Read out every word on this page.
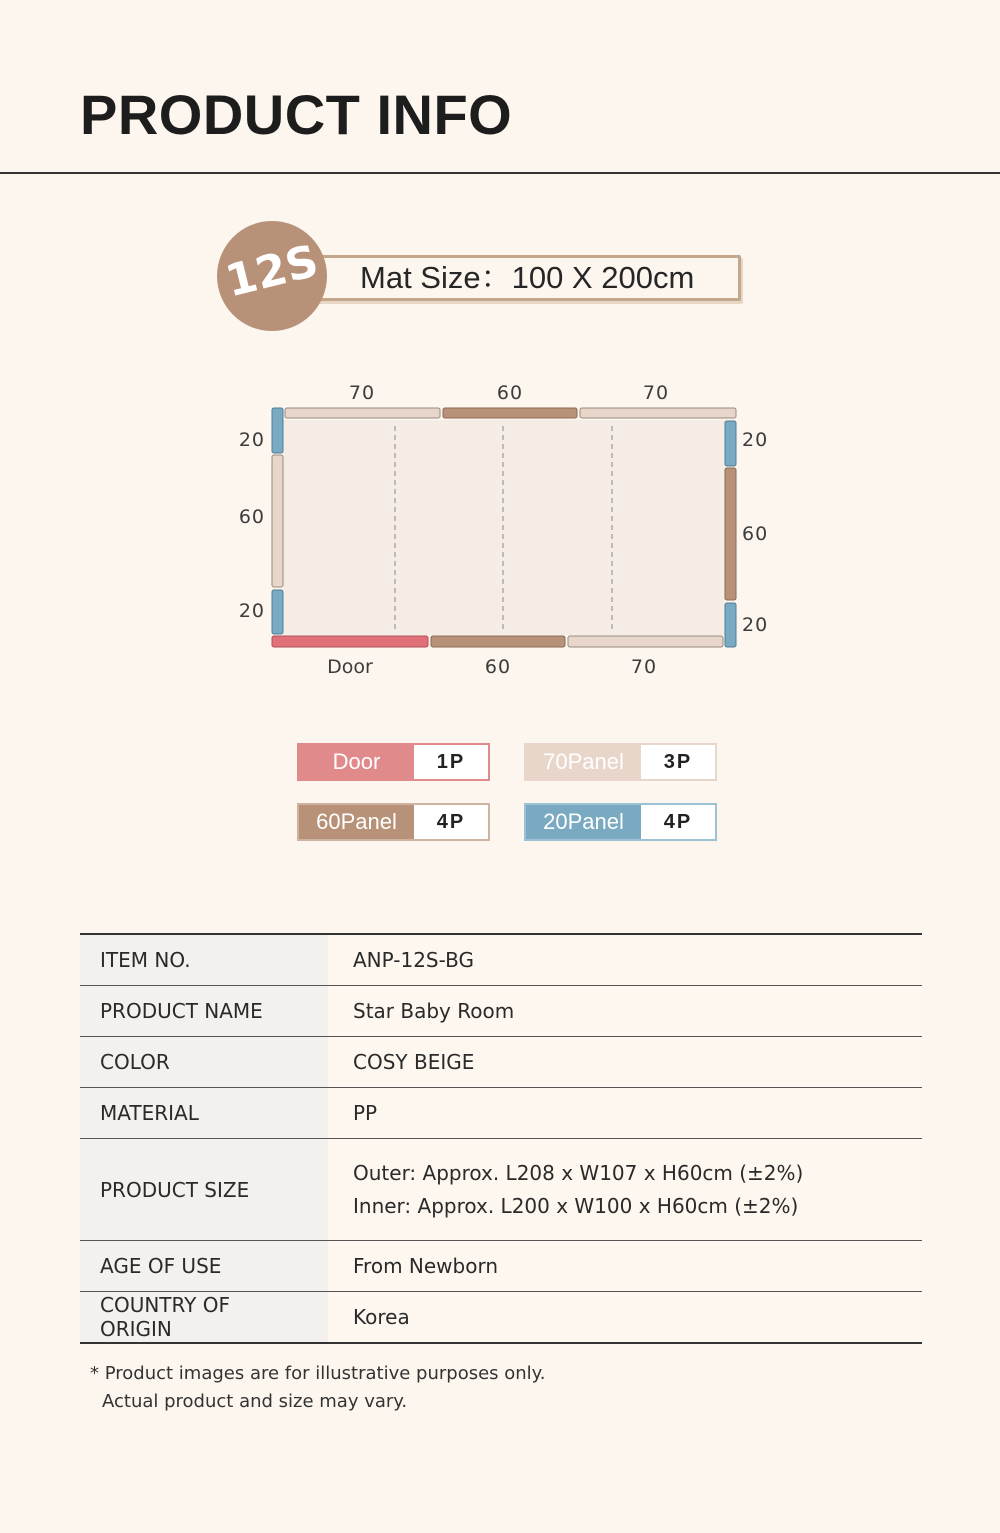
PRODUCT INFO
Mat Size：100 X 200cm
12S
70	60	70
20
60
20
20
60
20
Door	60	70
Door	1P	70Panel	3P
60Panel	4P	20Panel	4P
ITEM NO.	ANP-12S-BG
PRODUCT NAME	Star Baby Room
COLOR	COSY BEIGE
MATERIAL	PP
PRODUCT SIZE	Outer: Approx. L208 x W107 x H60cm (±2%)
Inner: Approx. L200 x W100 x H60cm (±2%)

AGE OF USE	From Newborn
COUNTRY OF ORIGIN	Korea
* Product images are for illustrative purposes only.
Actual product and size may vary.
